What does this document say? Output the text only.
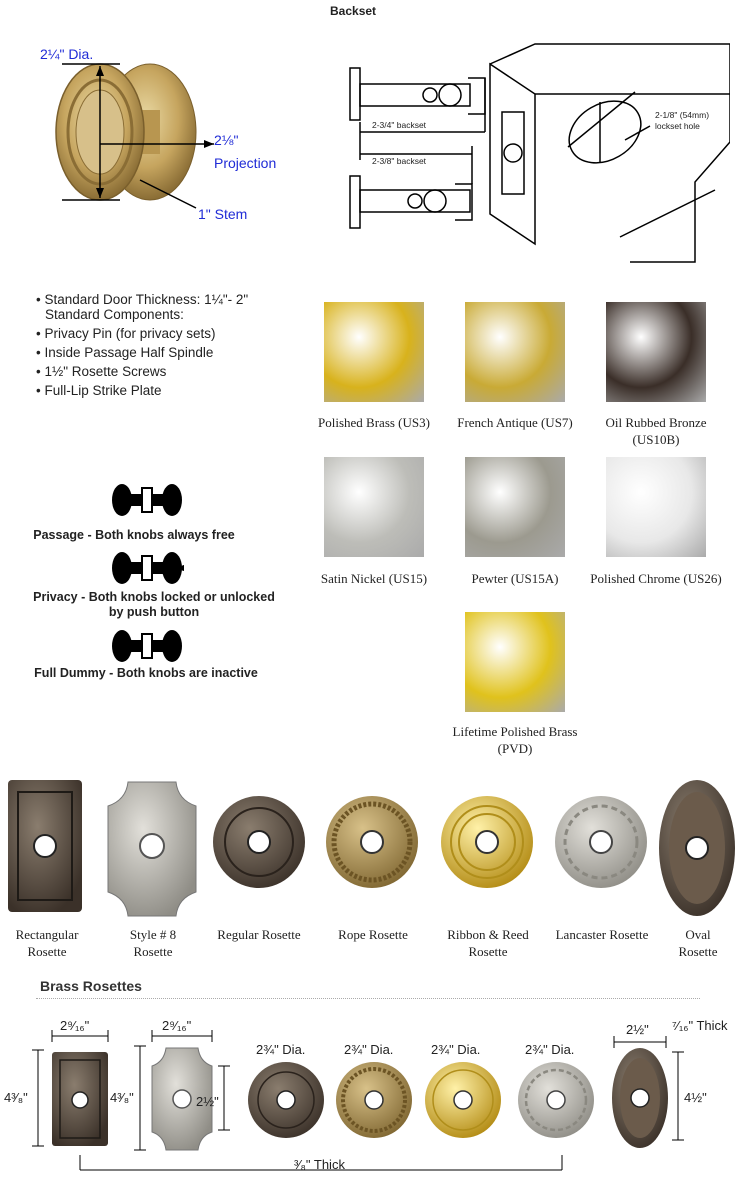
Backset
2¼" Dia.
2⅛"
Projection
1" Stem
2-3/4" backset
2-3/8" backset
2-1/8" (54mm)
lockset hole
• Standard Door Thickness: 1¼"- 2"
Standard Components:
• Privacy Pin (for privacy sets)
• Inside Passage Half Spindle
• 1½" Rosette Screws
• Full-Lip Strike Plate
Passage - Both knobs always free
Privacy - Both knobs locked or unlocked
by push button
Full Dummy - Both knobs are inactive
Polished Brass (US3)	French Antique (US7)	Oil Rubbed Bronze
(US10B)
Satin Nickel (US15)	Pewter (US15A)	Polished Chrome (US26)
Lifetime Polished Brass
(PVD)
Rectangular
Rosette
Style # 8
Rosette
Regular Rosette	Rope Rosette	Ribbon & Reed
Rosette
Lancaster Rosette	Oval
Rosette
Brass Rosettes
2⁹⁄₁₆"
4³⁄₈"
2⁹⁄₁₆"
4³⁄₈"	2½"
2¾" Dia.	2¾" Dia.	2¾" Dia.	2¾" Dia.
2½"
4½"
⁷⁄₁₆" Thick
³⁄₈" Thick
